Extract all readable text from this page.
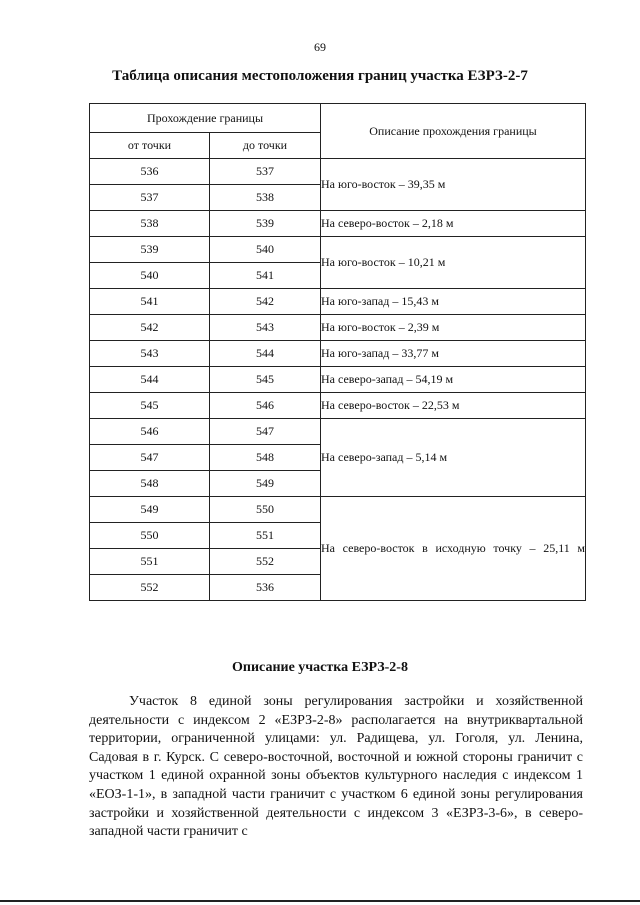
69
Таблица описания местоположения границ участка ЕЗРЗ-2-7
Прохождение границы		Описание прохождения границы
от точки	до точки	
536	537	На юго-восток – 39,35 м
537	538	
538	539	На северо-восток – 2,18 м
539	540	На юго-восток – 10,21 м
540	541	
541	542	На юго-запад – 15,43 м
542	543	На юго-восток – 2,39 м
543	544	На юго-запад – 33,77 м
544	545	На северо-запад – 54,19 м
545	546	На северо-восток – 22,53 м
546	547	На северо-запад – 5,14 м
547	548	
548	549	
549	550	На северо-восток в исходную точку – 25,11 м
550	551	
551	552	
552	536	
Описание участка ЕЗРЗ-2-8

Участок 8 единой зоны регулирования застройки и хозяйственной деятельности с индексом 2 «ЕЗРЗ-2-8» располагается на внутриквартальной территории, ограниченной улицами: ул. Радищева, ул. Гоголя, ул. Ленина, Садовая в г. Курск. С северо-восточной, восточной и южной стороны граничит с участком 1 единой охранной зоны объектов культурного наследия с индексом 1 «ЕОЗ-1-1», в западной части граничит с участком 6 единой зоны регулирования застройки и хозяйственной деятельности с индексом 3 «ЕЗРЗ-3-6», в северо-западной части граничит с
